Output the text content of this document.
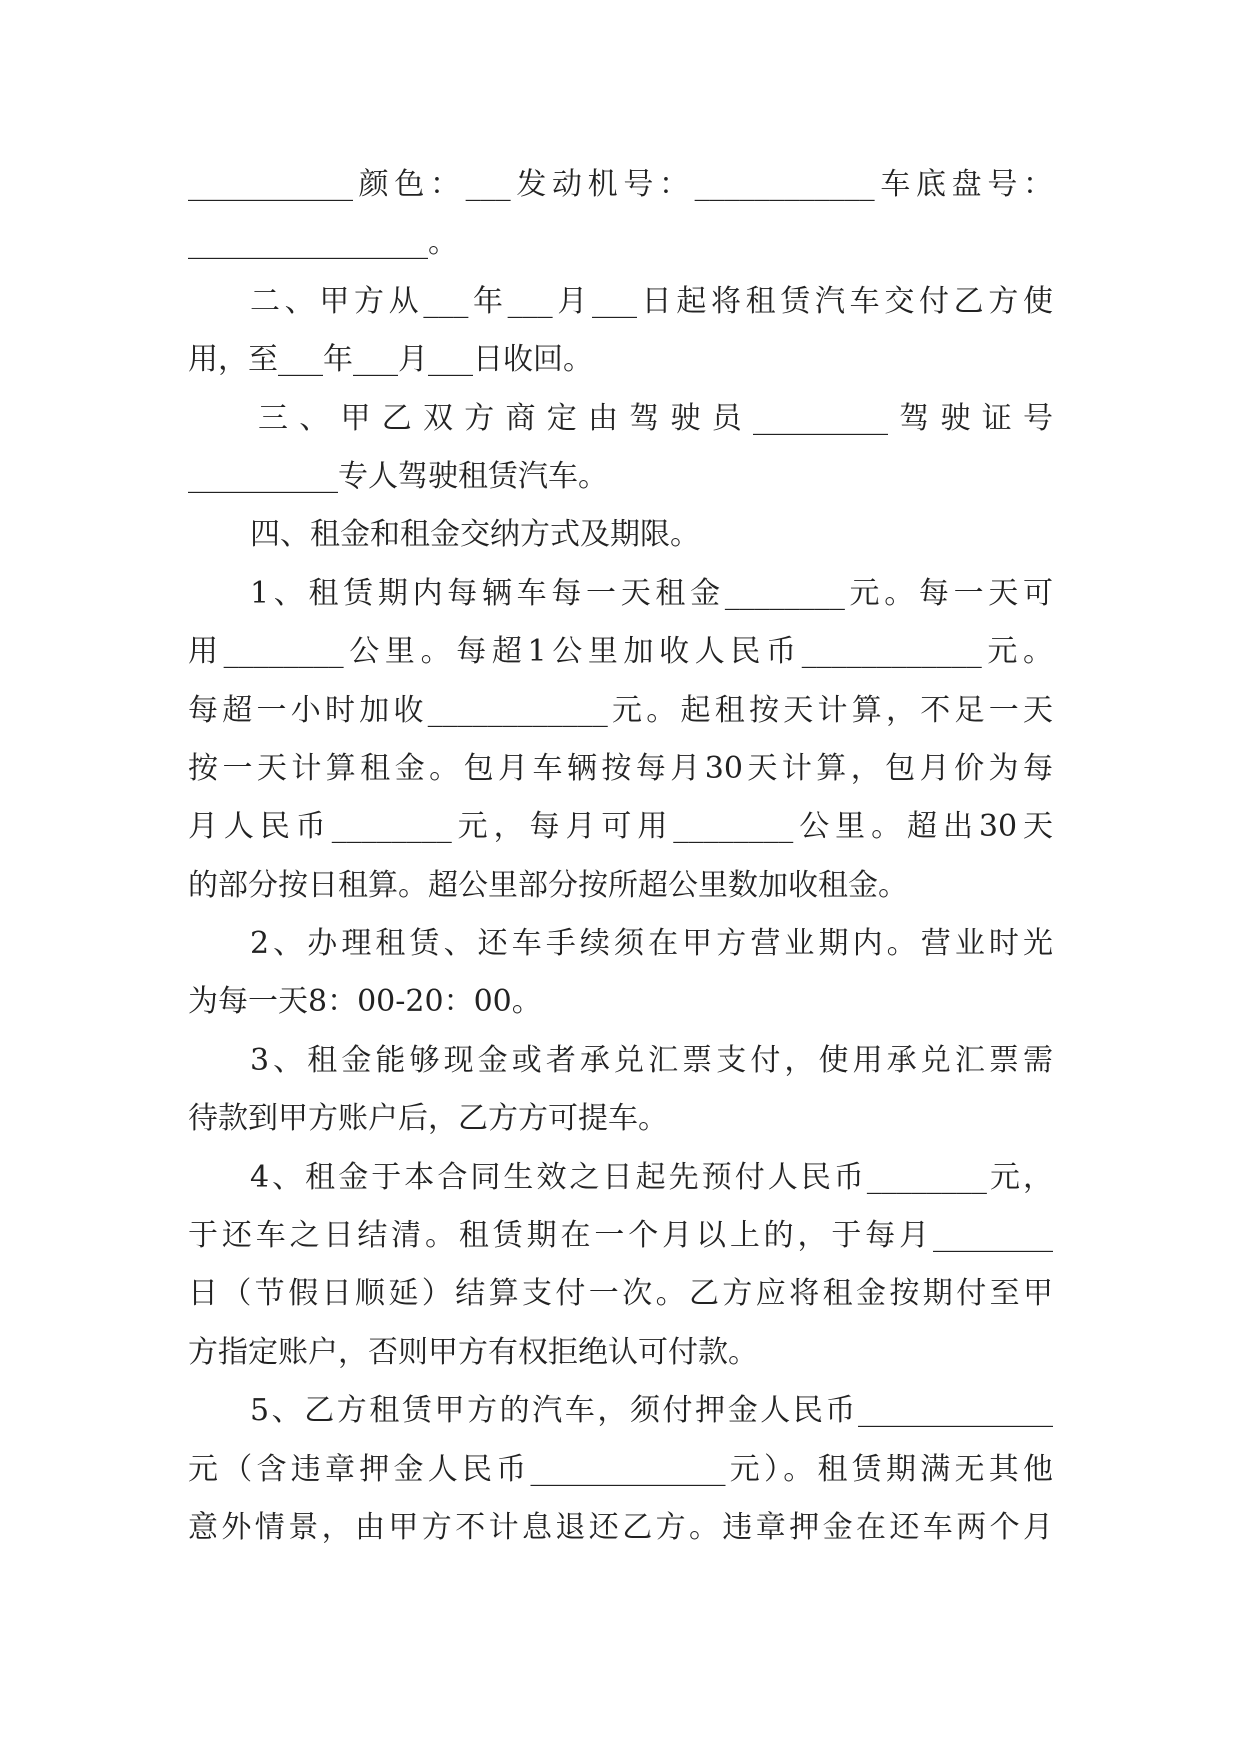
___________颜色：___发动机号：____________车底盘号：
________________。
二、甲方从___年___月___日起将租赁汽车交付乙方使
用，至___年___月___日收回。
三、甲乙双方商定由驾驶员_________驾驶证号
__________专人驾驶租赁汽车。
四、租金和租金交纳方式及期限。
1、租赁期内每辆车每一天租金________元。每一天可
用________公里。每超1公里加收人民币____________元。
每超一小时加收____________元。起租按天计算，不足一天
按一天计算租金。包月车辆按每月30天计算，包月价为每
月人民币________元，每月可用________公里。超出30天
的部分按日租算。超公里部分按所超公里数加收租金。
2、办理租赁、还车手续须在甲方营业期内。营业时光
为每一天8：00-20：00。
3、租金能够现金或者承兑汇票支付，使用承兑汇票需
待款到甲方账户后，乙方方可提车。
4、租金于本合同生效之日起先预付人民币________元，
于还车之日结清。租赁期在一个月以上的，于每月________
日（节假日顺延）结算支付一次。乙方应将租金按期付至甲
方指定账户，否则甲方有权拒绝认可付款。
5、乙方租赁甲方的汽车，须付押金人民币_____________
元（含违章押金人民币_____________元）。租赁期满无其他
意外情景，由甲方不计息退还乙方。违章押金在还车两个月
